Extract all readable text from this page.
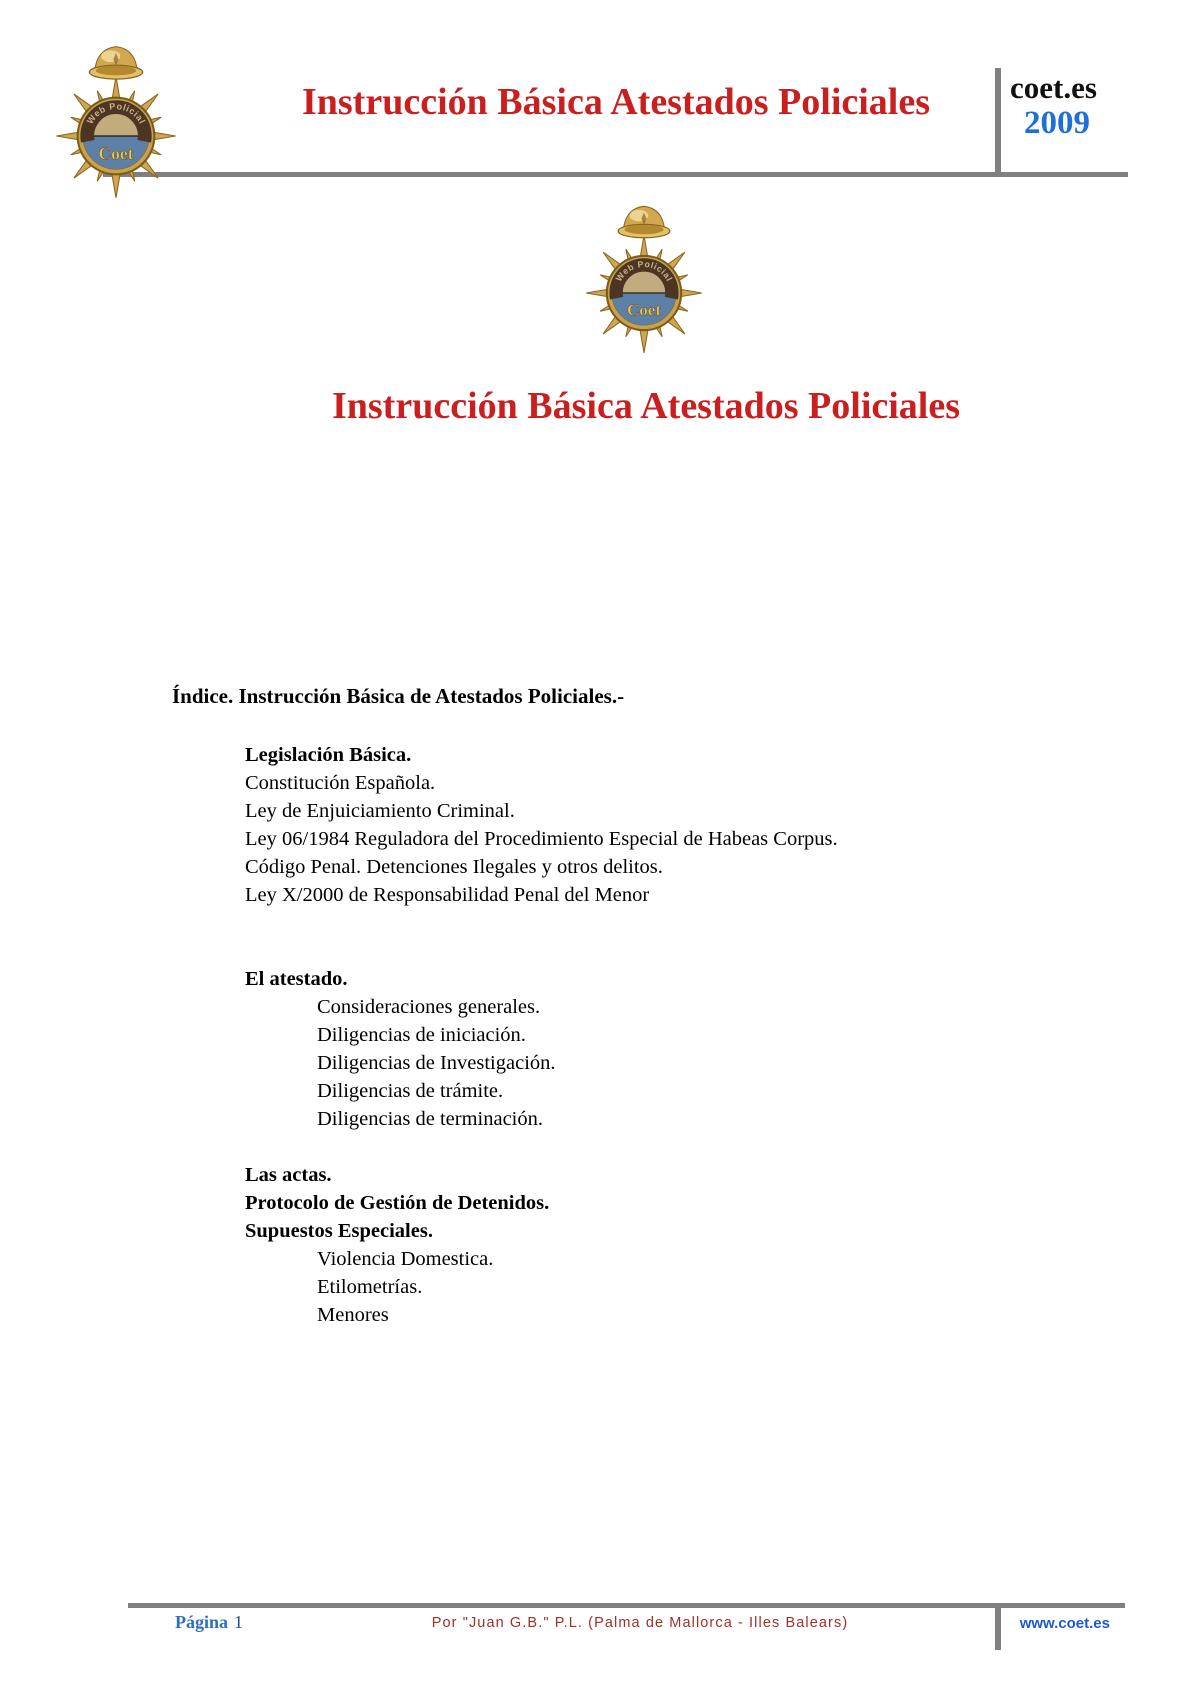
Instrucción Básica Atestados Policiales	coet.es
2009
Instrucción Básica Atestados Policiales
Índice. Instrucción Básica de Atestados Policiales.-
Legislación Básica.
Constitución Española.
Ley de Enjuiciamiento Criminal.
Ley 06/1984 Reguladora del Procedimiento Especial de Habeas Corpus.
Código Penal. Detenciones Ilegales y otros delitos.
Ley X/2000 de Responsabilidad Penal del Menor
El atestado.
Consideraciones generales.
Diligencias de iniciación.
Diligencias de Investigación.
Diligencias de trámite.
Diligencias de terminación.
Las actas.
Protocolo de Gestión de Detenidos.
Supuestos Especiales.
Violencia Domestica.
Etilometrías.
Menores
Página 1	Por "Juan G.B." P.L. (Palma de Mallorca - Illes Balears)	www.coet.es
